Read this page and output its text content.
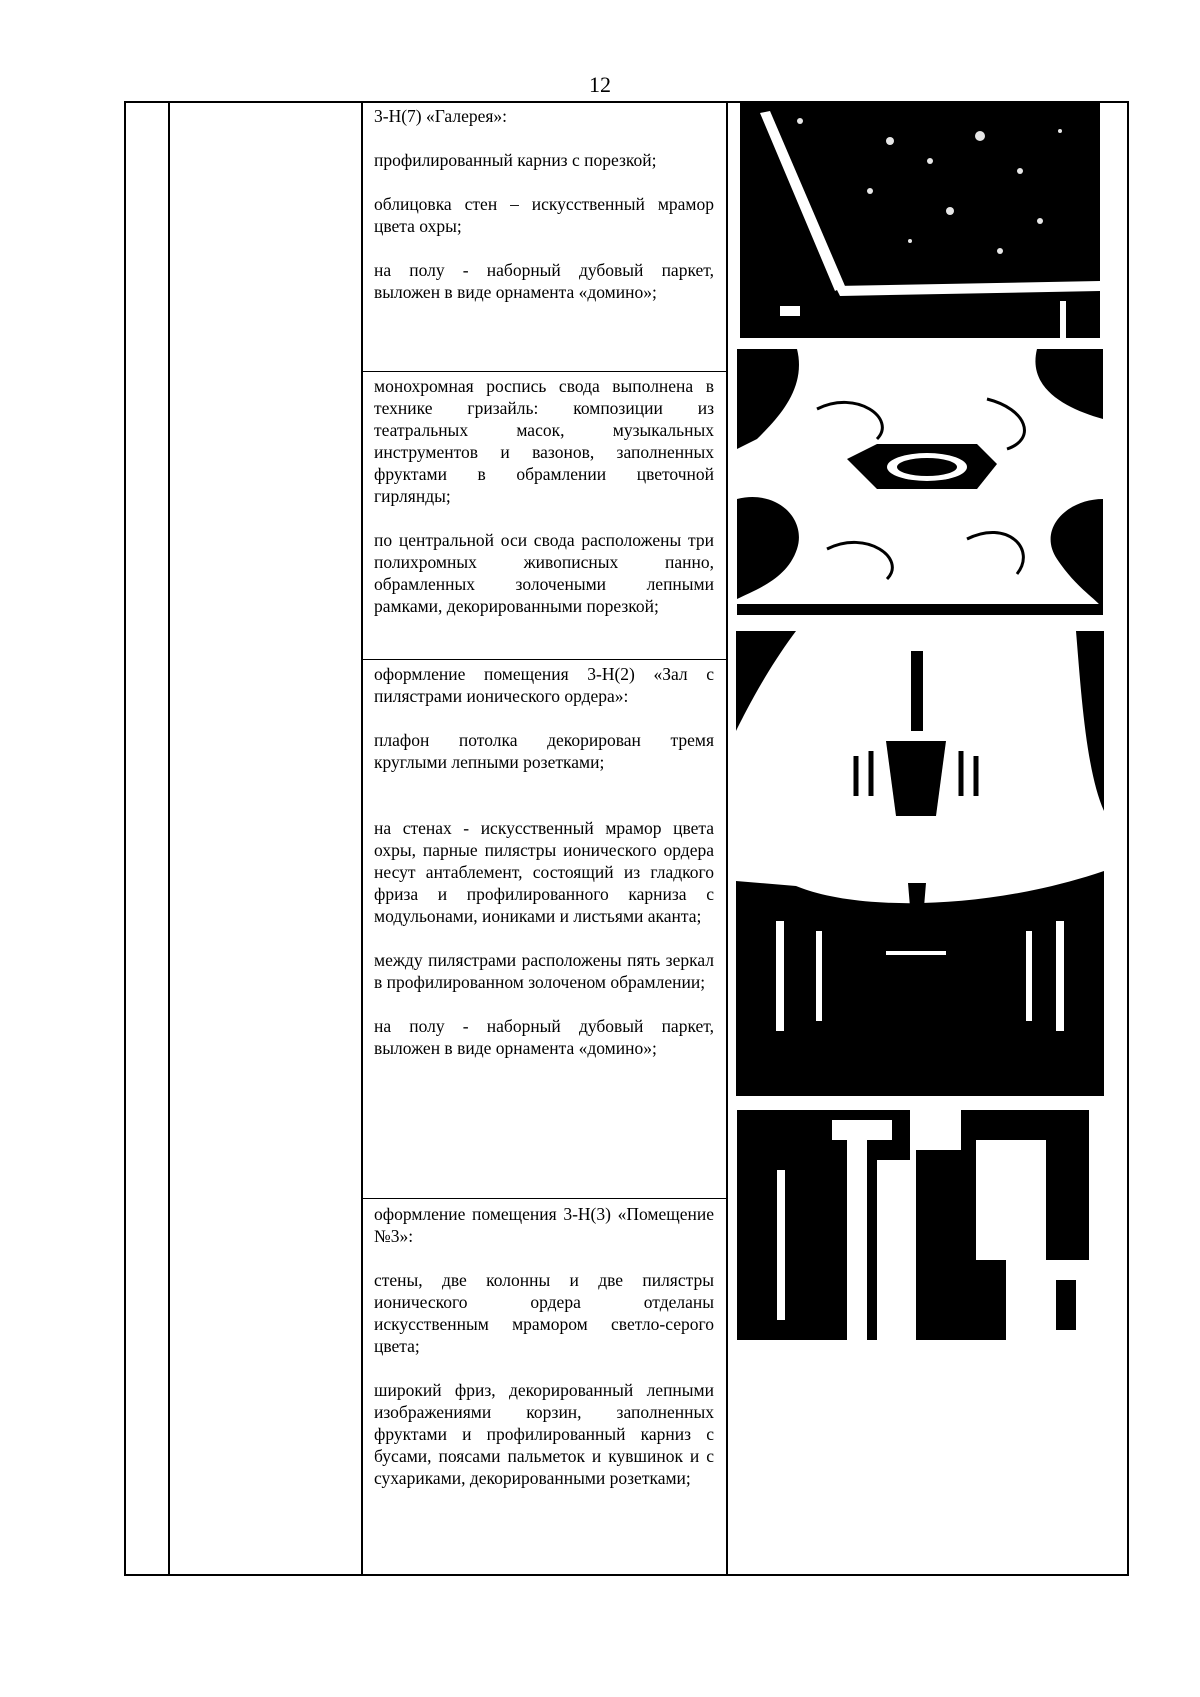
12

3-Н(7) «Галерея»:

профилированный карниз с порезкой;

облицовка стен – искусственный мрамор цвета охры;

на полу - наборный дубовый паркет, выложен в виде орнамента «домино»;

монохромная роспись свода выполнена в технике гризайль: композиции из театральных масок, музыкальных инструментов и вазонов, заполненных фруктами в обрамлении цветочной гирлянды;

по центральной оси свода расположены три полихромных живописных панно, обрамленных золочеными лепными рамками, декорированными порезкой;

оформление помещения 3-Н(2) «Зал с пилястрами ионического ордера»:

плафон потолка декорирован тремя круглыми лепными розетками;

на стенах - искусственный мрамор цвета охры, парные пилястры ионического ордера несут антаблемент, состоящий из гладкого фриза и профилированного карниза с модульонами, иониками и листьями аканта;

между пилястрами расположены пять зеркал в профилированном золоченом обрамлении;

на полу - наборный дубовый паркет, выложен в виде орнамента «домино»;

оформление помещения 3-Н(3) «Помещение №3»:

стены, две колонны и две пилястры ионического ордера отделаны искусственным мрамором светло-серого цвета;

широкий фриз, декорированный лепными изображениями корзин, заполненных фруктами и профилированный карниз с бусами, поясами пальметок и кувшинок и с сухариками, декорированными розетками;
